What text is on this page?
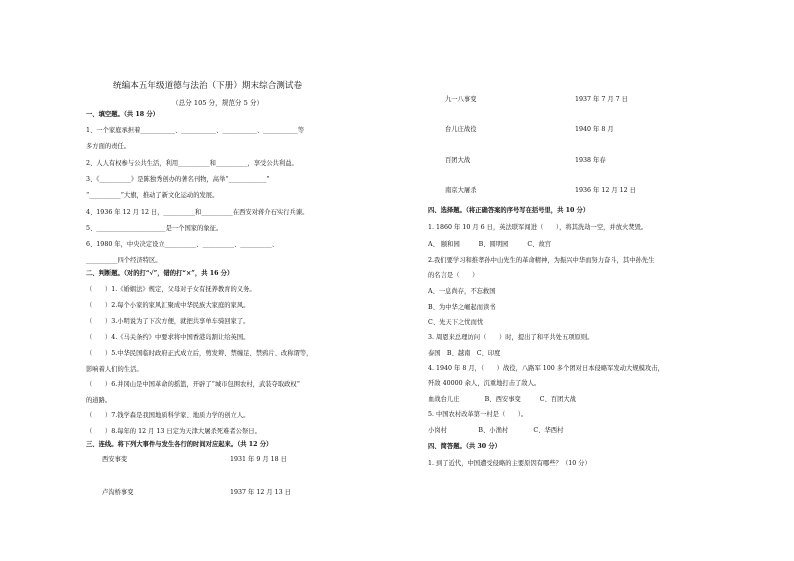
统编本五年级道德与法治（下册）期末综合测试卷
（总分 105 分，规范分 5 分）
一、填空题。（共 18 分）
1、一个家庭承担着___________、___________、___________、___________等
多方面的责任。
2、人人有权参与公共生活，利用__________和__________，享受公共利益。
3、《__________》是陈独秀创办的著名刊物，高举“____________”
“__________”大旗，推动了新文化运动的发展。
4、1936 年 12 月 12 日，__________和__________在西安对蒋介石实行兵谏。
5、______________________是一个国家的象征。
6、1980 年，中央决定设立__________、__________、__________、
__________四个经济特区。
二、判断题。（对的打“√”，错的打“×”，共 16 分）
（　　）1.《婚姻法》规定，父母对子女有抚养教育的义务。
（　　）2.每个小家的家风汇聚成中华民族大家庭的家风。
（　　）3.小明说为了下次方便，就把共享单车骑回家了。
（　　）4.《马关条约》中要求将中国香港岛割让给英国。
（　　）5.中华民国临时政府正式成立后，剪发辫、禁缠足、禁鸦片、改称谓等，
影响着人们的生活。
（　　）6.井冈山是中国革命的摇篮，开辟了“城市包围农村，武装夺取政权”
的道路。
（　　）7.钱学森是我国地质科学家、地质力学的创立人。
（　　）8.每年的 12 月 13 日定为天津大屠杀死难者公祭日。
三、连线。将下列大事件与发生各行的时间对应起来。（共 12 分）
西安事变	1931 年 9 月 18 日
卢沟桥事变	1937 年 12 月 13 日
九一八事变	1937 年 7 月 7 日
台儿庄战役	1940 年 8 月
百团大战	1938 年春
南京大屠杀	1936 年 12 月 12 日
四、选择题。（将正确答案的序号写在括号里，共 10 分）
1. 1860 年 10 月 6 日，英法联军闯进（　　），将其洗劫一空，并放火焚毁。
A、 颐和园　　　B、圆明园　　　C、故宫
2.我们要学习和推孝孙中山先生的革命精神，为振兴中华而努力奋斗，其中孙先生
的名言是（　　）
A、一息尚存，不忘救国
B、为中华之崛起而读书
C、先天下之忧而忧
3. 周恩来总理访问（　　）时，提出了和平共处五项原则。
泰国　B、越南　C、印度
4. 1940 年 8 月，（　　）战役，八路军 100 多个团对日本侵略军发动大规模攻击，
歼敌 40000 余人，沉重地打击了敌人。
血战台儿庄　　　　B、西安事变　　　C、百团大战
5. 中国农村改革第一村是（　　）。
小岗村　　　　　B、小渔村　　　　C、华西村
四、简答题。（共 30 分）
1. 到了近代，中国遭受侵略的主要原因有哪些？（10 分）
